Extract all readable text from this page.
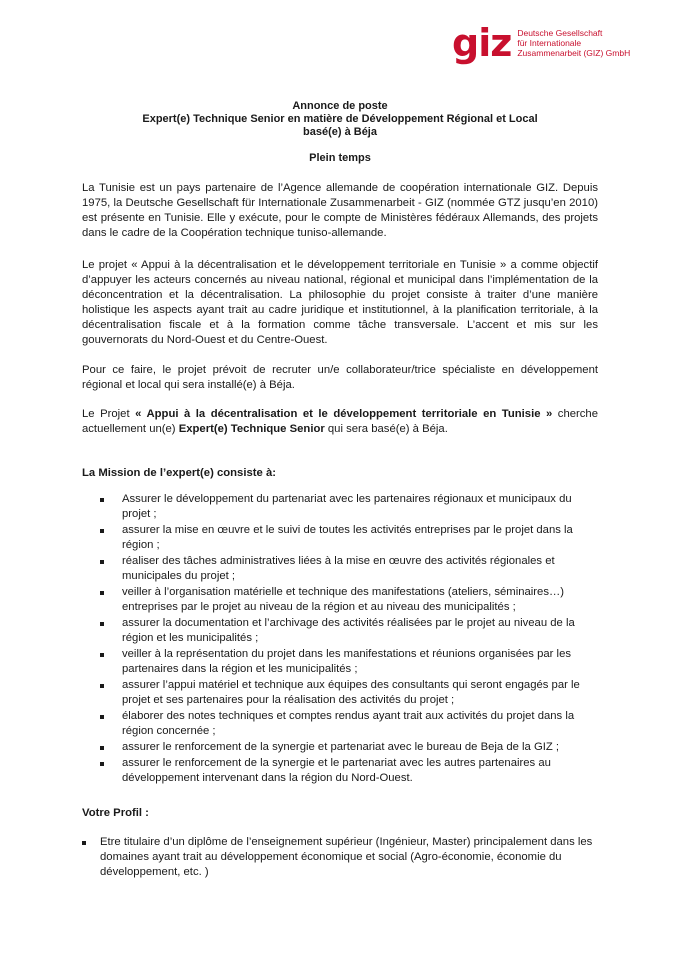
giz Deutsche Gesellschaft
für Internationale
Zusammenarbeit (GIZ) GmbH
Annonce de poste
Expert(e) Technique Senior en matière de Développement Régional et Local
basé(e) à Béja
Plein temps
La Tunisie est un pays partenaire de l’Agence allemande de coopération internationale GIZ. Depuis 1975, la Deutsche Gesellschaft für Internationale Zusammenarbeit - GIZ (nommée GTZ jusqu’en 2010) est présente en Tunisie. Elle y exécute, pour le compte de Ministères fédéraux Allemands, des projets dans le cadre de la Coopération technique tuniso-allemande.
Le projet « Appui à la décentralisation et le développement territoriale en Tunisie » a comme objectif d’appuyer les acteurs concernés au niveau national, régional et municipal dans l’implémentation de la déconcentration et la décentralisation. La philosophie du projet consiste à traiter d’une manière holistique les aspects ayant trait au cadre juridique et institutionnel, à la planification territoriale, à la décentralisation fiscale et à la formation comme tâche transversale. L’accent et mis sur les gouvernorats du Nord-Ouest et du Centre-Ouest.
Pour ce faire, le projet prévoit de recruter un/e collaborateur/trice spécialiste en développement régional et local qui sera installé(e) à Béja.
Le Projet « Appui à la décentralisation et le développement territoriale en Tunisie » cherche actuellement un(e) Expert(e) Technique Senior qui sera basé(e) à Béja.
La Mission de l’expert(e) consiste à:
Assurer le développement du partenariat avec les partenaires régionaux et municipaux du projet ;
assurer la mise en œuvre et le suivi de toutes les activités entreprises par le projet dans la région ;
réaliser des tâches administratives liées à la mise en œuvre des activités régionales et municipales du projet ;
veiller à l’organisation matérielle et technique des manifestations (ateliers, séminaires…) entreprises par le projet au niveau de la région et au niveau des municipalités ;
assurer la documentation et l’archivage des activités réalisées par le projet au niveau de la région et les municipalités ;
veiller à la représentation du projet dans les manifestations et réunions organisées par les partenaires dans la région et les municipalités ;
assurer l’appui matériel et technique aux équipes des consultants qui seront engagés par le projet et ses partenaires pour la réalisation des activités du projet ;
élaborer des notes techniques et comptes rendus ayant trait aux activités du projet dans la région concernée ;
assurer le renforcement de la synergie et partenariat avec le bureau de Beja de la GIZ ;
assurer le renforcement de la synergie et le partenariat avec les autres partenaires au développement intervenant dans la région du Nord-Ouest.
Votre Profil :
Etre titulaire d’un diplôme de l’enseignement supérieur (Ingénieur, Master) principalement dans les domaines ayant trait au développement économique et social (Agro-économie, économie du développement, etc. )
